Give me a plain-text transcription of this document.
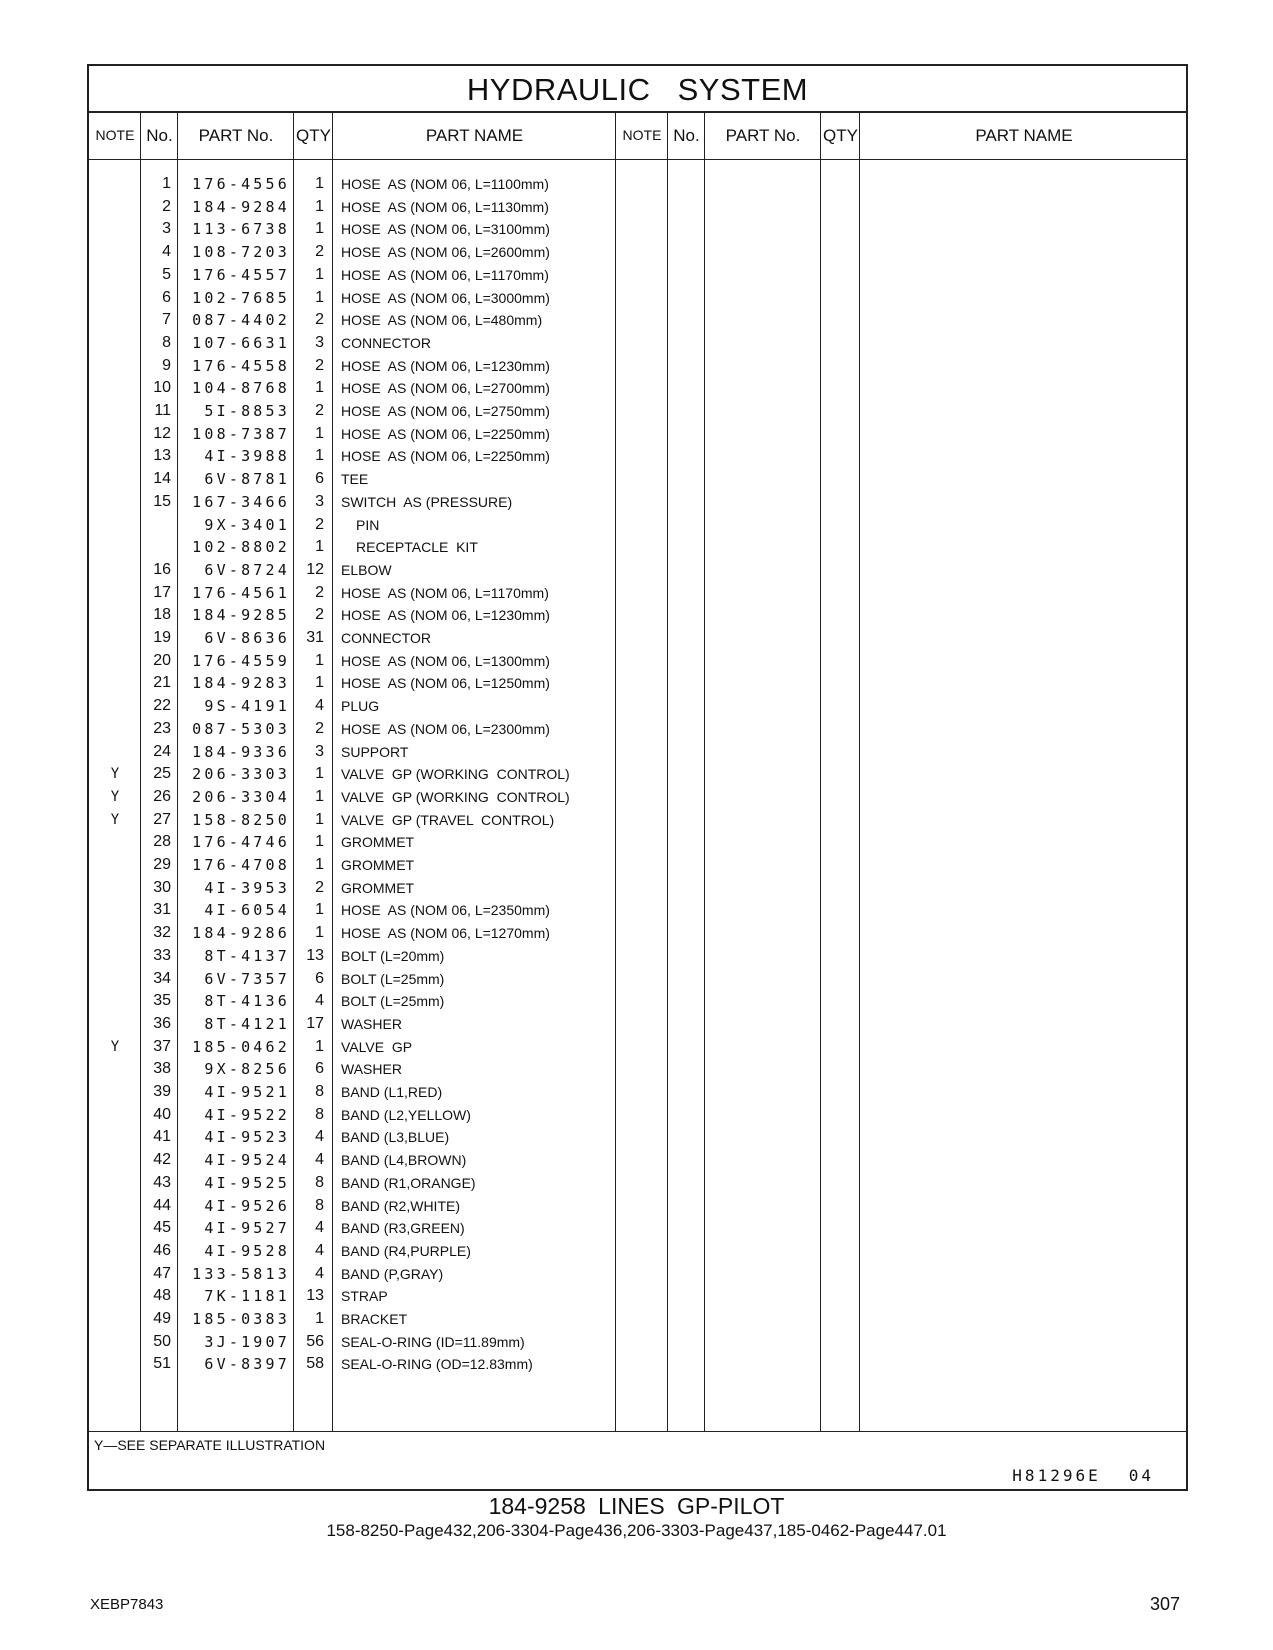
HYDRAULIC SYSTEM
NOTE No.	PART No.	QTY	PART NAME	NOTE No.	PART No.	QTY	PART NAME
1	176-4556	1 HOSE  AS (NOM 06, L=1100mm)
2	184-9284	1 HOSE  AS (NOM 06, L=1130mm)
3	113-6738	1 HOSE  AS (NOM 06, L=3100mm)
4	108-7203	2 HOSE  AS (NOM 06, L=2600mm)
5	176-4557	1 HOSE  AS (NOM 06, L=1170mm)
6	102-7685	1 HOSE  AS (NOM 06, L=3000mm)
7	087-4402	2 HOSE  AS (NOM 06, L=480mm)
8	107-6631	3 CONNECTOR
9	176-4558	2 HOSE  AS (NOM 06, L=1230mm)
10	104-8768	1 HOSE  AS (NOM 06, L=2700mm)
11	5I-8853	2 HOSE  AS (NOM 06, L=2750mm)
12	108-7387	1 HOSE  AS (NOM 06, L=2250mm)
13	4I-3988	1 HOSE  AS (NOM 06, L=2250mm)
14	6V-8781	6 TEE
15	167-3466	3 SWITCH  AS (PRESSURE)
9X-3401	2 PIN
102-8802	1 RECEPTACLE  KIT
16	6V-8724	12 ELBOW
17	176-4561	2 HOSE  AS (NOM 06, L=1170mm)
18	184-9285	2 HOSE  AS (NOM 06, L=1230mm)
19	6V-8636	31 CONNECTOR
20	176-4559	1 HOSE  AS (NOM 06, L=1300mm)
21	184-9283	1 HOSE  AS (NOM 06, L=1250mm)
22	9S-4191	4 PLUG
23	087-5303	2 HOSE  AS (NOM 06, L=2300mm)
24	184-9336	3 SUPPORT
Y	25	206-3303	1 VALVE  GP (WORKING  CONTROL)
Y	26	206-3304	1 VALVE  GP (WORKING  CONTROL)
Y	27	158-8250	1 VALVE  GP (TRAVEL  CONTROL)
28	176-4746	1 GROMMET
29	176-4708	1 GROMMET
30	4I-3953	2 GROMMET
31	4I-6054	1 HOSE  AS (NOM 06, L=2350mm)
32	184-9286	1 HOSE  AS (NOM 06, L=1270mm)
33	8T-4137	13 BOLT (L=20mm)
34	6V-7357	6 BOLT (L=25mm)
35	8T-4136	4 BOLT (L=25mm)
36	8T-4121	17 WASHER
Y	37	185-0462	1 VALVE  GP
38	9X-8256	6 WASHER
39	4I-9521	8 BAND (L1,RED)
40	4I-9522	8 BAND (L2,YELLOW)
41	4I-9523	4 BAND (L3,BLUE)
42	4I-9524	4 BAND (L4,BROWN)
43	4I-9525	8 BAND (R1,ORANGE)
44	4I-9526	8 BAND (R2,WHITE)
45	4I-9527	4 BAND (R3,GREEN)
46	4I-9528	4 BAND (R4,PURPLE)
47	133-5813	4 BAND (P,GRAY)
48	7K-1181	13 STRAP
49	185-0383	1 BRACKET
50	3J-1907	56 SEAL-O-RING (ID=11.89mm)
51	6V-8397	58 SEAL-O-RING (OD=12.83mm)
Y—SEE SEPARATE ILLUSTRATION
H81296E 04
184-9258 LINES GP-PILOT
158-8250-Page432,206-3304-Page436,206-3303-Page437,185-0462-Page447.01
XEBP7843	307
